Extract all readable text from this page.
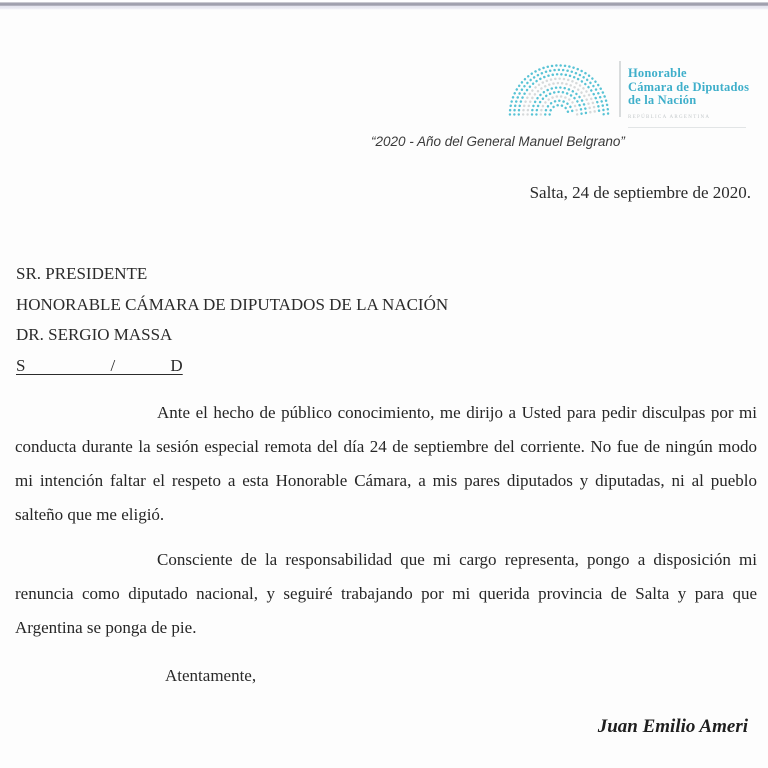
Honorable
Cámara de Diputados
de la Nación
REPÚBLICA ARGENTINA
“2020 - Año del General Manuel Belgrano”
Salta, 24 de septiembre de 2020.
SR. PRESIDENTE
HONORABLE CÁMARA DE DIPUTADOS DE LA NACIÓN
DR. SERGIO MASSA
S                    /             D

Ante el hecho de público conocimiento, me dirijo a Usted para pedir disculpas por mi conducta durante la sesión especial remota del día 24 de septiembre del corriente. No fue de ningún modo mi intención faltar el respeto a esta Honorable Cámara, a mis pares diputados y diputadas, ni al pueblo salteño que me eligió.

Consciente de la responsabilidad que mi cargo representa, pongo a disposición mi renuncia como diputado nacional, y seguiré trabajando por mi querida provincia de Salta y para que Argentina se ponga de pie.

Atentamente,
Juan Emilio Ameri
